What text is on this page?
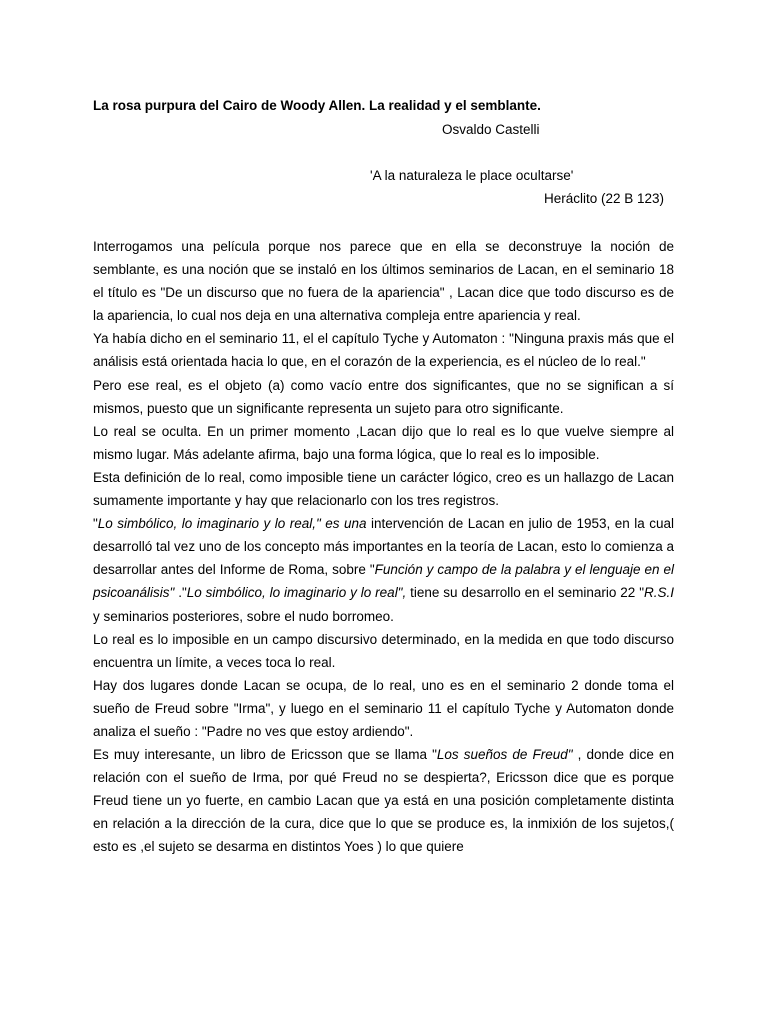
La rosa purpura del Cairo de Woody Allen. La realidad y el semblante.
Osvaldo Castelli
'A la naturaleza le place ocultarse'
Heráclito (22 B 123)

Interrogamos una película porque nos parece que en ella se deconstruye la noción de semblante, es una noción que se instaló en los últimos seminarios de Lacan, en el seminario 18 el título es "De un discurso que no fuera de la apariencia" , Lacan dice que todo discurso es de la apariencia, lo cual nos deja en una alternativa compleja entre apariencia y real.

Ya había dicho en el seminario 11, el el capítulo Tyche y Automaton : "Ninguna praxis más que el análisis está orientada hacia lo que, en el corazón de la experiencia, es el núcleo de lo real."

Pero ese real, es el objeto (a) como vacío entre dos significantes, que no se significan a sí mismos, puesto que un significante representa un sujeto para otro significante.

Lo real se oculta. En un primer momento ,Lacan dijo que lo real es lo que vuelve siempre al mismo lugar. Más adelante afirma, bajo una forma lógica, que lo real es lo imposible.

Esta definición de lo real, como imposible tiene un carácter lógico, creo es un hallazgo de Lacan sumamente importante y hay que relacionarlo con los tres registros.

"Lo simbólico, lo imaginario y lo real," es una intervención de Lacan en julio de 1953, en la cual desarrolló tal vez uno de los concepto más importantes en la teoría de Lacan, esto lo comienza a desarrollar antes del Informe de Roma, sobre "Función y campo de la palabra y el lenguaje en el psicoanálisis" ."Lo simbólico, lo imaginario y lo real", tiene su desarrollo en el seminario 22 "R.S.I y seminarios posteriores, sobre el nudo borromeo.

Lo real es lo imposible en un campo discursivo determinado, en la medida en que todo discurso encuentra un límite, a veces toca lo real.

Hay dos lugares donde Lacan se ocupa, de lo real, uno es en el seminario 2 donde toma el sueño de Freud sobre "Irma", y luego en el seminario 11 el capítulo Tyche y Automaton donde analiza el sueño : "Padre no ves que estoy ardiendo".

Es muy interesante, un libro de Ericsson que se llama "Los sueños de Freud" , donde dice en relación con el sueño de Irma, por qué Freud no se despierta?, Ericsson dice que es porque Freud tiene un yo fuerte, en cambio Lacan que ya está en una posición completamente distinta en relación a la dirección de la cura, dice que lo que se produce es, la inmixión de los sujetos,( esto es ,el sujeto se desarma en distintos Yoes ) lo que quiere
